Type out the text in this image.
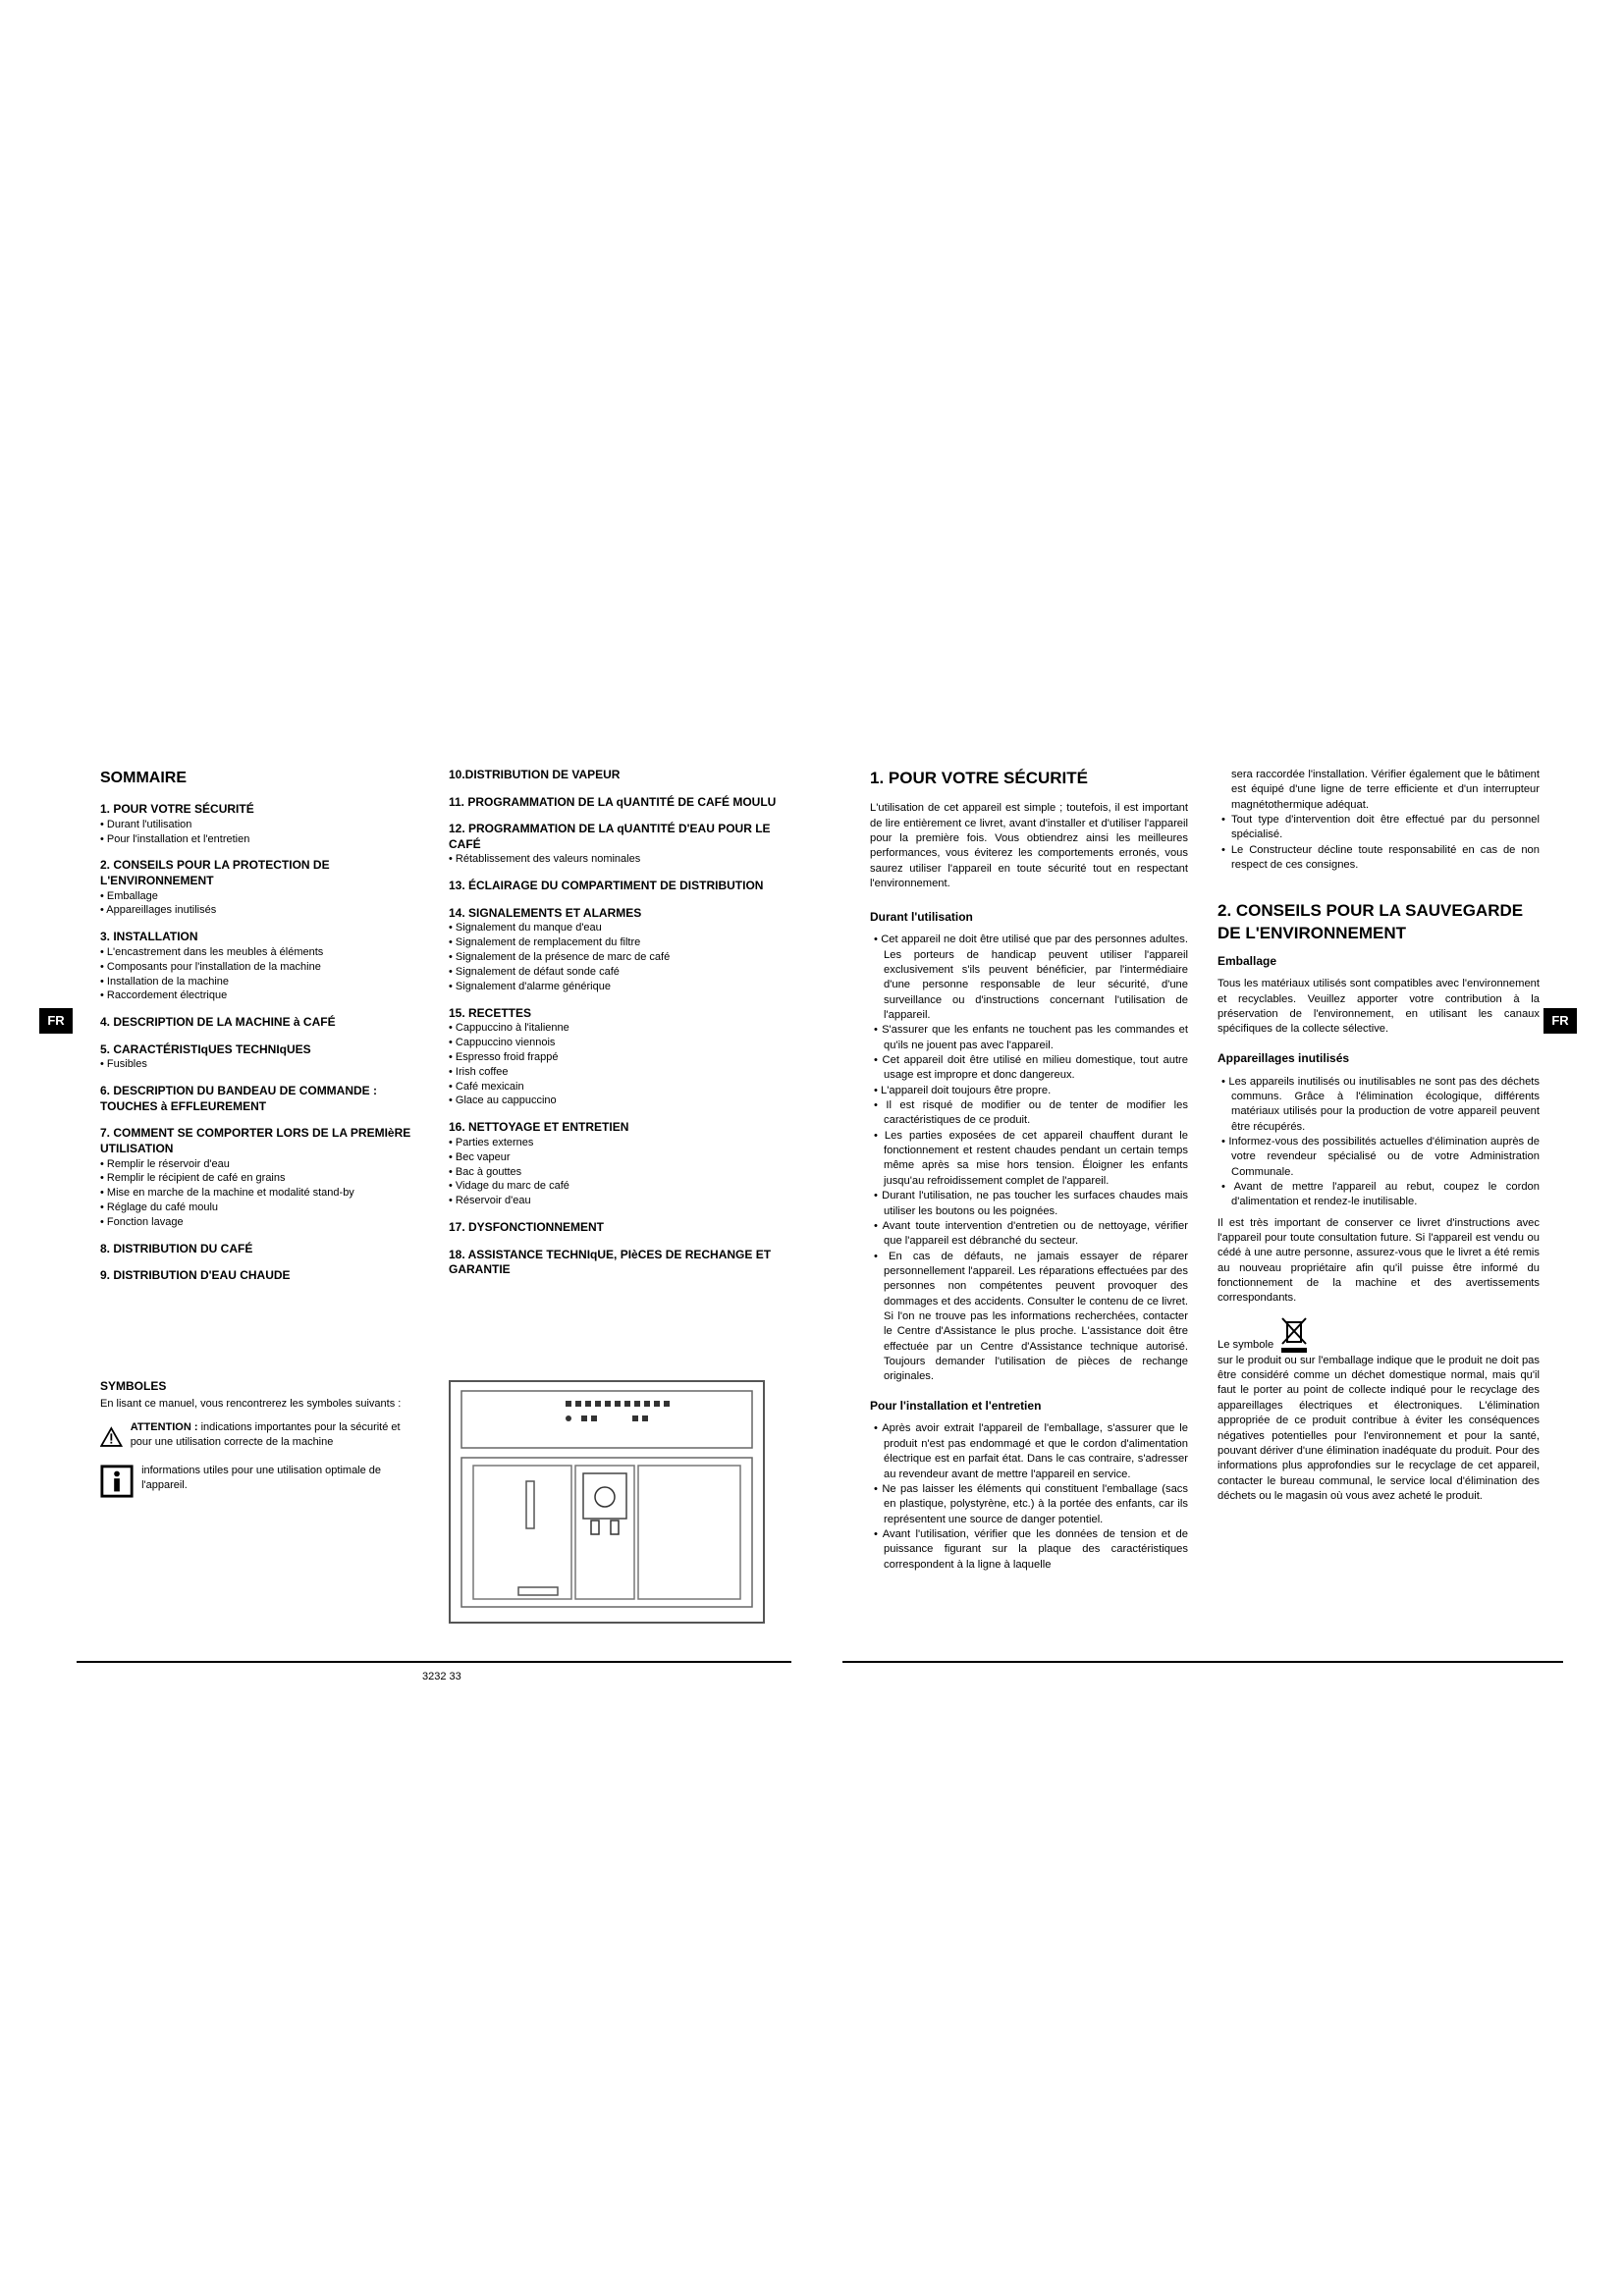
FR	FR
SOMMAIRE
1. POUR VOTRE SÉCURITÉ
• Durant l'utilisation
• Pour l'installation et l'entretien
2. CONSEILS POUR LA PROTECTION DE L'ENVIRONNEMENT
• Emballage
• Appareillages inutilisés
3. INSTALLATION
• L'encastrement dans les meubles à éléments
• Composants pour l'installation de la machine
• Installation de la machine
• Raccordement électrique
4. DESCRIPTION DE LA MACHINE à CAFÉ
5. CARACTÉRISTIqUES TECHNIqUES
• Fusibles
6. DESCRIPTION DU BANDEAU DE COMMANDE : TOUCHES à EFFLEUREMENT
7. COMMENT SE COMPORTER LORS DE LA PREMIèRE UTILISATION
• Remplir le réservoir d'eau
• Remplir le récipient de café en grains
• Mise en marche de la machine et modalité stand-by
• Réglage du café moulu
• Fonction lavage
8. DISTRIBUTION DU CAFÉ
9. DISTRIBUTION D'EAU CHAUDE
10.DISTRIBUTION DE VAPEUR
11. PROGRAMMATION DE LA qUANTITÉ DE CAFÉ MOULU
12. PROGRAMMATION DE LA qUANTITÉ D'EAU POUR LE CAFÉ
• Rétablissement des valeurs nominales
13. ÉCLAIRAGE DU COMPARTIMENT DE DISTRIBUTION
14. SIGNALEMENTS ET ALARMES
• Signalement du manque d'eau
• Signalement de remplacement du filtre
• Signalement de la présence de marc de café
• Signalement de défaut sonde café
• Signalement d'alarme générique
15. RECETTES
• Cappuccino à l'italienne
• Cappuccino viennois
• Espresso froid frappé
• Irish coffee
• Café mexicain
• Glace au cappuccino
16. NETTOYAGE ET ENTRETIEN
• Parties externes
• Bec vapeur
• Bac à gouttes
• Vidage du marc de café
• Réservoir d'eau
17. DYSFONCTIONNEMENT
18. ASSISTANCE TECHNIqUE, PIèCES DE RECHANGE ET GARANTIE
SYMBOLES
En lisant ce manuel, vous rencontrerez les symboles suivants :
ATTENTION : indications importantes pour la sécurité et pour une utilisation correcte de la machine
informations utiles pour une utilisation optimale de l'appareil.
3232 33
1. POUR VOTRE SÉCURITÉ

L'utilisation de cet appareil est simple ; toutefois, il est important de lire entièrement ce livret, avant d'installer et d'utiliser l'appareil pour la première fois. Vous obtiendrez ainsi les meilleures performances, vous éviterez les comportements erronés, vous saurez utiliser l'appareil en toute sécurité tout en respectant l'environnement.

Durant l'utilisation

• Cet appareil ne doit être utilisé que par des personnes adultes. Les porteurs de handicap peuvent utiliser l'appareil exclusivement s'ils peuvent bénéficier, par l'intermédiaire d'une personne responsable de leur sécurité, d'une surveillance ou d'instructions concernant l'utilisation de l'appareil.

• S'assurer que les enfants ne touchent pas les commandes et qu'ils ne jouent pas avec l'appareil.

• Cet appareil doit être utilisé en milieu domestique, tout autre usage est impropre et donc dangereux.

• L'appareil doit toujours être propre.

• Il est risqué de modifier ou de tenter de modifier les caractéristiques de ce produit.

• Les parties exposées de cet appareil chauffent durant le fonctionnement et restent chaudes pendant un certain temps même après sa mise hors tension. Éloigner les enfants jusqu'au refroidissement complet de l'appareil.

• Durant l'utilisation, ne pas toucher les surfaces chaudes mais utiliser les boutons ou les poignées.

• Avant toute intervention d'entretien ou de nettoyage, vérifier que l'appareil est débranché du secteur.

• En cas de défauts, ne jamais essayer de réparer personnellement l'appareil. Les réparations effectuées par des personnes non compétentes peuvent provoquer des dommages et des accidents. Consulter le contenu de ce livret. Si l'on ne trouve pas les informations recherchées, contacter le Centre d'Assistance le plus proche. L'assistance doit être effectuée par un Centre d'Assistance technique autorisé. Toujours demander l'utilisation de pièces de rechange originales.

Pour l'installation et l'entretien

• Après avoir extrait l'appareil de l'emballage, s'assurer que le produit n'est pas endommagé et que le cordon d'alimentation électrique est en parfait état. Dans le cas contraire, s'adresser au revendeur avant de mettre l'appareil en service.

• Ne pas laisser les éléments qui constituent l'emballage (sacs en plastique, polystyrène, etc.) à la portée des enfants, car ils représentent une source de danger potentiel.

• Avant l'utilisation, vérifier que les données de tension et de puissance figurant sur la plaque des caractéristiques correspondent à la ligne à laquelle

sera raccordée l'installation. Vérifier également que le bâtiment est équipé d'une ligne de terre efficiente et d'un interrupteur magnétothermique adéquat.

• Tout type d'intervention doit être effectué par du personnel spécialisé.

• Le Constructeur décline toute responsabilité en cas de non respect de ces consignes.

2. CONSEILS POUR LA SAUVEGARDE DE L'ENVIRONNEMENT
Emballage

Tous les matériaux utilisés sont compatibles avec l'environnement et recyclables. Veuillez apporter votre contribution à la préservation de l'environnement, en utilisant les canaux spécifiques de la collecte sélective.

Appareillages inutilisés

• Les appareils inutilisés ou inutilisables ne sont pas des déchets communs. Grâce à l'élimination écologique, différents matériaux utilisés pour la production de votre appareil peuvent être récupérés.

• Informez-vous des possibilités actuelles d'élimination auprès de votre revendeur spécialisé ou de votre Administration Communale.

• Avant de mettre l'appareil au rebut, coupez le cordon d'alimentation et rendez-le inutilisable.

Il est très important de conserver ce livret d'instructions avec l'appareil pour toute consultation future. Si l'appareil est vendu ou cédé à une autre personne, assurez-vous que le livret a été remis au nouveau propriétaire afin qu'il puisse être informé du fonctionnement de la machine et des avertissements correspondants.

Le symbole

sur le produit ou sur l'emballage indique que le produit ne doit pas être considéré comme un déchet domestique normal, mais qu'il faut le porter au point de collecte indiqué pour le recyclage des appareillages électriques et électroniques. L'élimination appropriée de ce produit contribue à éviter les conséquences négatives potentielles pour l'environnement et pour la santé, pouvant dériver d'une élimination inadéquate du produit. Pour des informations plus approfondies sur le recyclage de cet appareil, contacter le bureau communal, le service local d'élimination des déchets ou le magasin où vous avez acheté le produit.
